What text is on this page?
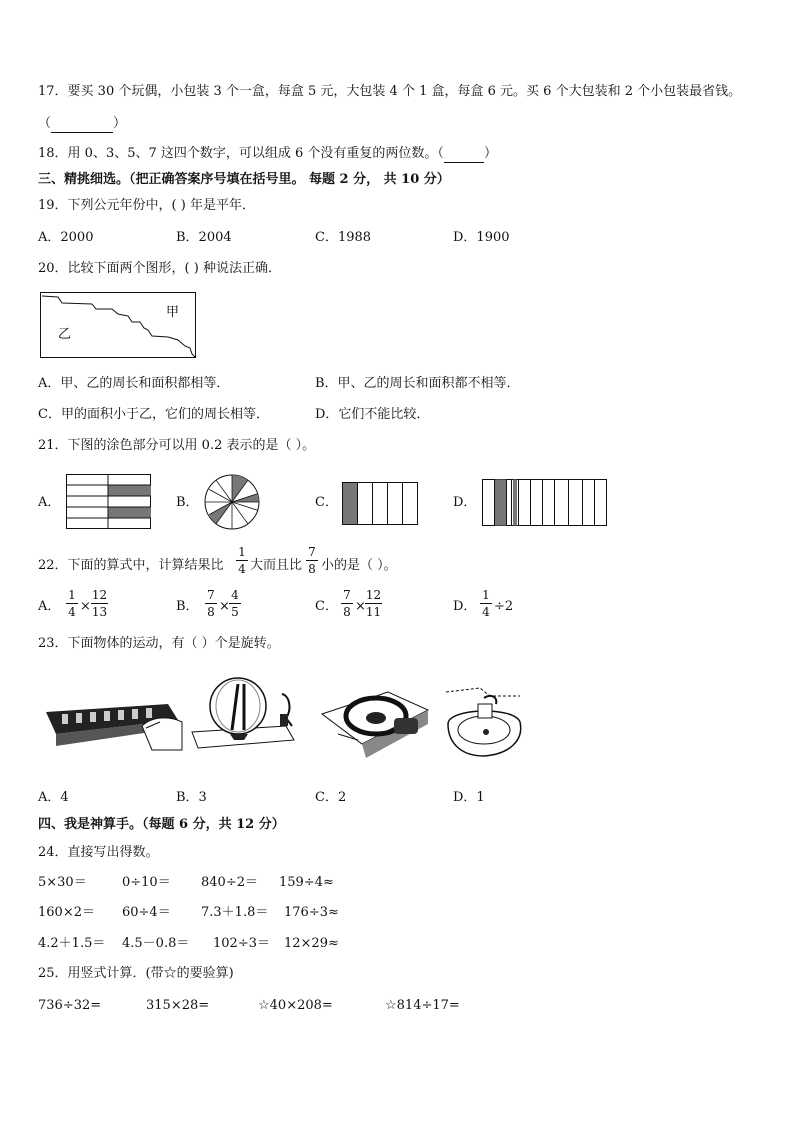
17．要买 30 个玩偶，小包装 3 个一盒，每盒 5 元，大包装 4 个 1 盒，每盒 6 元。买 6 个大包装和 2 个小包装最省钱。
（	）
18．用 0、3、5、7 这四个数字，可以组成 6 个没有重复的两位数。（	）
三、精挑细选。（把正确答案序号填在括号里。 每题 2 分， 共 10 分）
19．下列公元年份中，( ) 年是平年．
A．2000	B．2004	C．1988	D．1900
20．比较下面两个图形，( ) 种说法正确．
甲
乙
A．甲、乙的周长和面积都相等．	B．甲、乙的周长和面积都不相等．
C．甲的面积小于乙，它们的周长相等．	D．它们不能比较．
21．下图的涂色部分可以用 0.2 表示的是（ ）。
A．	B．	C．	D．
22．下面的算式中，计算结果比
1
4 大而且比
7
8 小的是（ ）。
A．
1
4 ×
12
13	B．
7
8 ×
4
5	C．
7
8 ×
12
11	D．
1
4 ÷2
23．下面物体的运动，有（ ）个是旋转。
A．4	B．3	C．2	D．1
四、我是神算手。（每题 6 分，共 12 分）
24．直接写出得数。
5×30＝	0÷10＝ 840÷2＝ 159÷4≈
160×2＝ 60÷4＝ 7.3＋1.8＝ 176÷3≈
4.2＋1.5＝ 4.5－0.8＝ 102÷3＝ 12×29≈
25．用竖式计算．(带☆的要验算)
736÷32=	315×28=	☆40×208=	☆814÷17=
